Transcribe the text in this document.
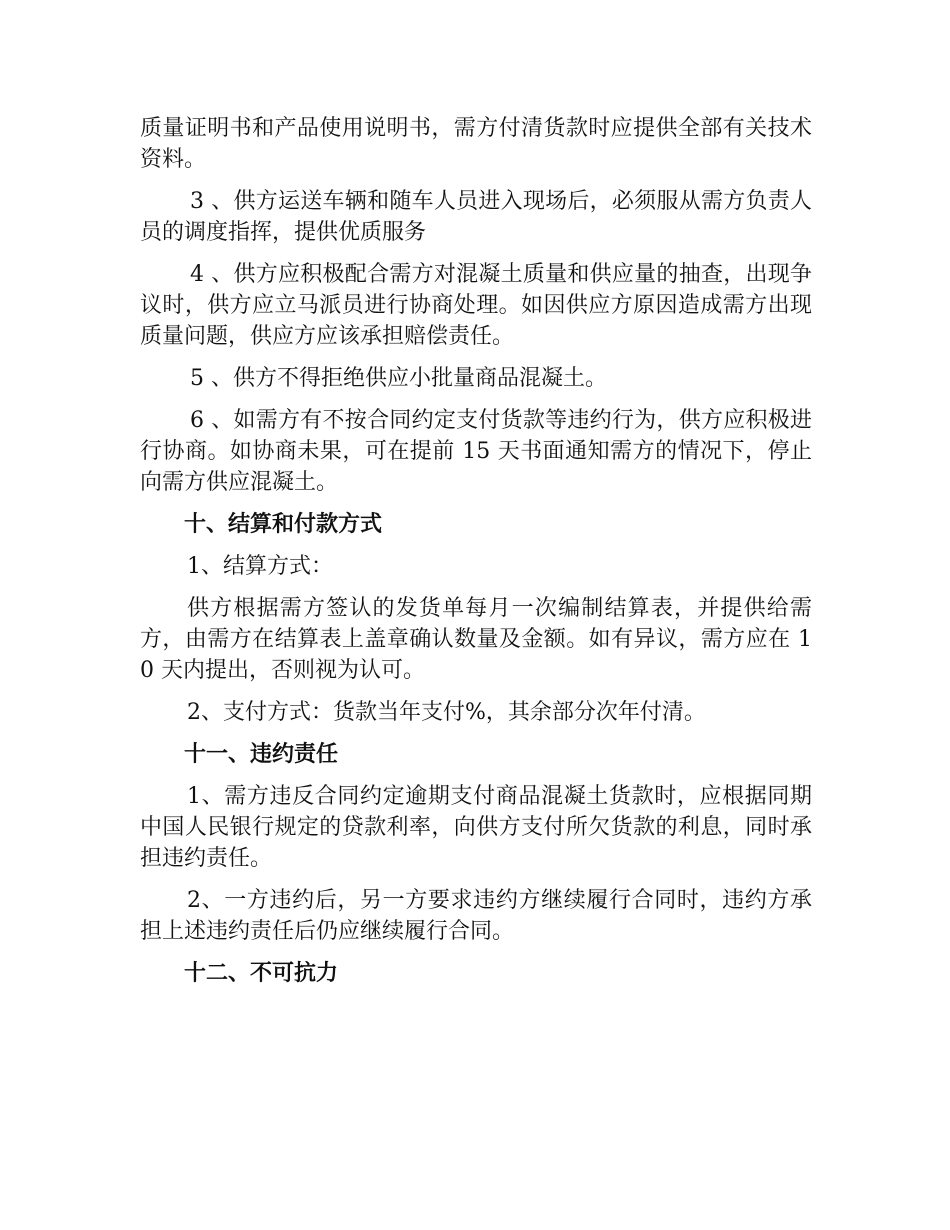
质量证明书和产品使用说明书，需方付清货款时应提供全部有关技术资料。

3 、供方运送车辆和随车人员进入现场后，必须服从需方负责人员的调度指挥，提供优质服务

4 、供方应积极配合需方对混凝土质量和供应量的抽查，出现争议时，供方应立马派员进行协商处理。如因供应方原因造成需方出现质量问题，供应方应该承担赔偿责任。

5 、供方不得拒绝供应小批量商品混凝土。

6 、如需方有不按合同约定支付货款等违约行为，供方应积极进行协商。如协商未果，可在提前 15 天书面通知需方的情况下，停止向需方供应混凝土。

十、结算和付款方式

1、结算方式：

供方根据需方签认的发货单每月一次编制结算表，并提供给需方，由需方在结算表上盖章确认数量及金额。如有异议，需方应在 10 天内提出，否则视为认可。

2、支付方式：货款当年支付%，其余部分次年付清。

十一、违约责任

1、需方违反合同约定逾期支付商品混凝土货款时，应根据同期中国人民银行规定的贷款利率，向供方支付所欠货款的利息，同时承担违约责任。

2、一方违约后，另一方要求违约方继续履行合同时，违约方承担上述违约责任后仍应继续履行合同。

十二、不可抗力
